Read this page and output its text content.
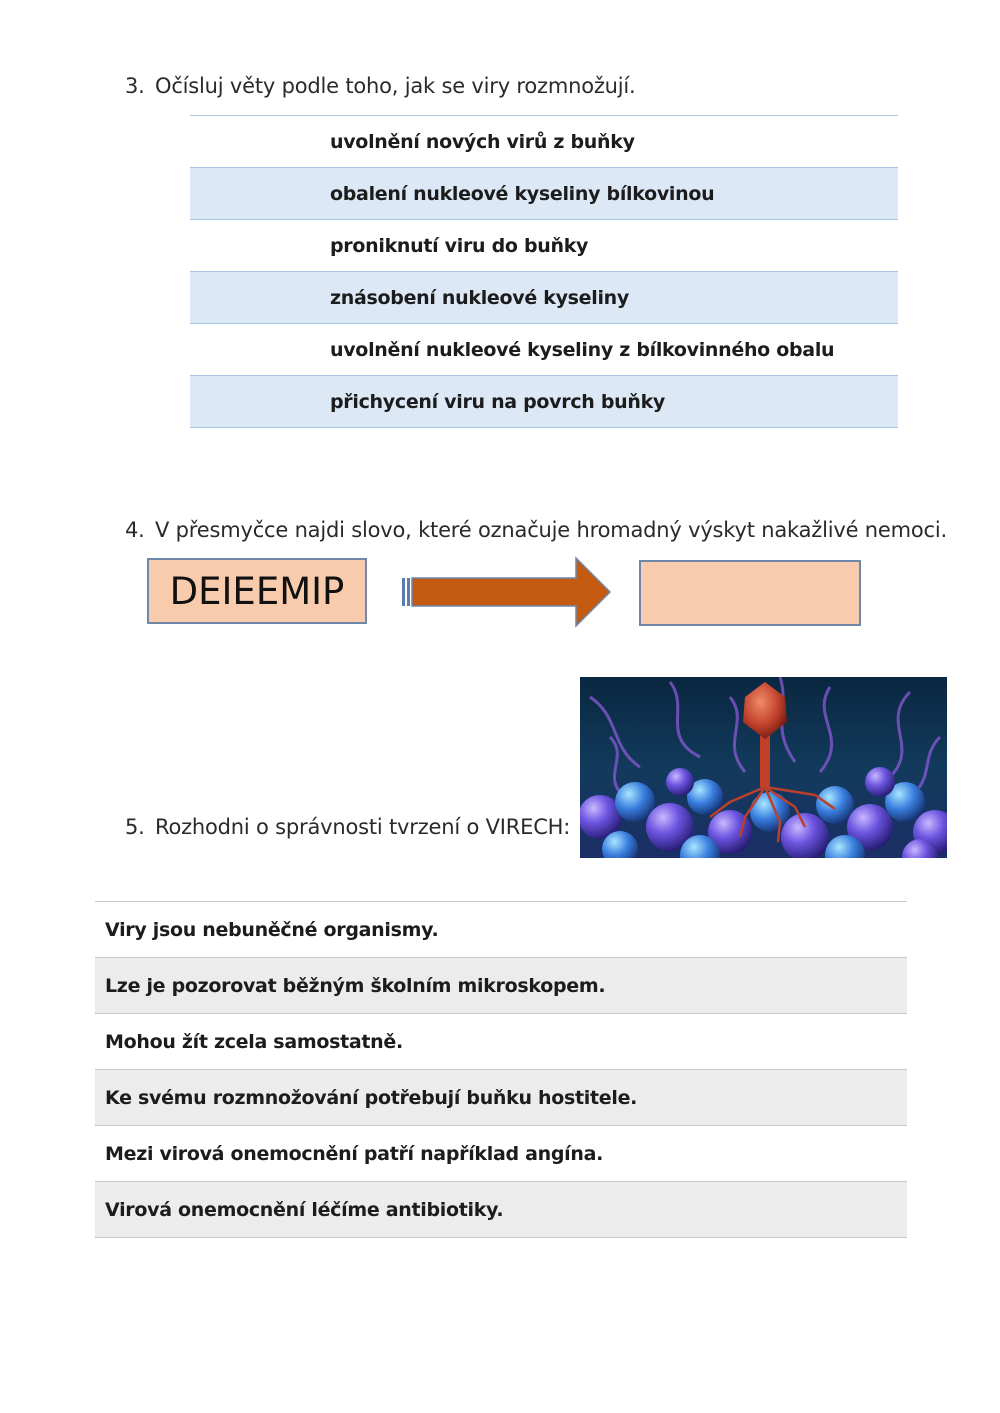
3. Očísluj věty podle toho, jak se viry rozmnožují.
uvolnění nových virů z buňky
obalení nukleové kyseliny bílkovinou
proniknutí viru do buňky
znásobení nukleové kyseliny
uvolnění nukleové kyseliny z bílkovinného obalu
přichycení viru na povrch buňky
4. V přesmyčce najdi slovo, které označuje hromadný výskyt nakažlivé nemoci.
DEIEEMIP
5. Rozhodni o správnosti tvrzení o VIRECH:
Viry jsou nebuněčné organismy.
Lze je pozorovat běžným školním mikroskopem.
Mohou žít zcela samostatně.
Ke svému rozmnožování potřebují buňku hostitele.
Mezi virová onemocnění patří například angína.
Virová onemocnění léčíme antibiotiky.
